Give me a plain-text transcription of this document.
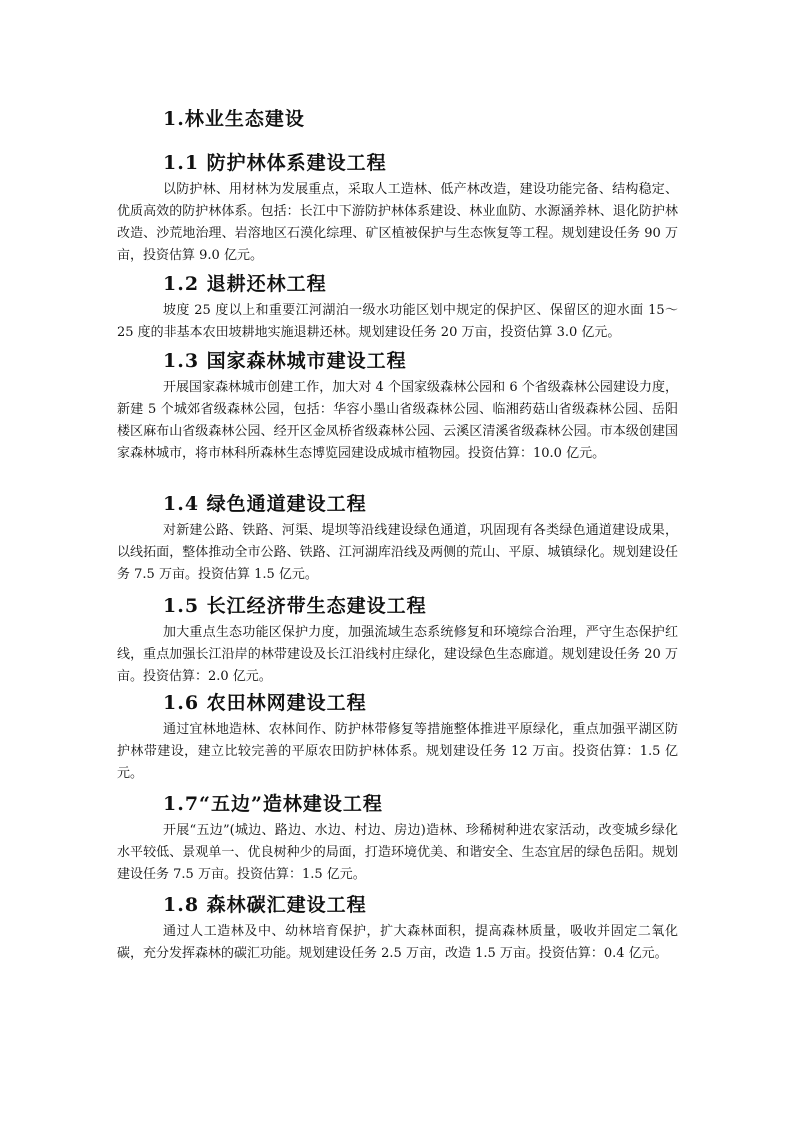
1.林业生态建设
1.1 防护林体系建设工程

以防护林、用材林为发展重点，采取人工造林、低产林改造，建设功能完备、结构稳定、优质高效的防护林体系。包括：长江中下游防护林体系建设、林业血防、水源涵养林、退化防护林改造、沙荒地治理、岩溶地区石漠化综理、矿区植被保护与生态恢复等工程。规划建设任务 90 万亩，投资估算 9.0 亿元。

1.2 退耕还林工程

坡度 25 度以上和重要江河湖泊一级水功能区划中规定的保护区、保留区的迎水面 15～25 度的非基本农田坡耕地实施退耕还林。规划建设任务 20 万亩，投资估算 3.0 亿元。

1.3 国家森林城市建设工程

开展国家森林城市创建工作，加大对 4 个国家级森林公园和 6 个省级森林公园建设力度，新建 5 个城郊省级森林公园，包括：华容小墨山省级森林公园、临湘药菇山省级森林公园、岳阳楼区麻布山省级森林公园、经开区金凤桥省级森林公园、云溪区清溪省级森林公园。市本级创建国家森林城市，将市林科所森林生态博览园建设成城市植物园。投资估算：10.0 亿元。

1.4 绿色通道建设工程

对新建公路、铁路、河渠、堤坝等沿线建设绿色通道，巩固现有各类绿色通道建设成果，以线拓面，整体推动全市公路、铁路、江河湖库沿线及两侧的荒山、平原、城镇绿化。规划建设任务 7.5 万亩。投资估算 1.5 亿元。

1.5 长江经济带生态建设工程

加大重点生态功能区保护力度，加强流域生态系统修复和环境综合治理，严守生态保护红线，重点加强长江沿岸的林带建设及长江沿线村庄绿化，建设绿色生态廊道。规划建设任务 20 万亩。投资估算：2.0 亿元。

1.6 农田林网建设工程

通过宜林地造林、农林间作、防护林带修复等措施整体推进平原绿化，重点加强平湖区防护林带建设，建立比较完善的平原农田防护林体系。规划建设任务 12 万亩。投资估算：1.5 亿元。

1.7“五边”造林建设工程

开展“五边”(城边、路边、水边、村边、房边)造林、珍稀树种进农家活动，改变城乡绿化水平较低、景观单一、优良树种少的局面，打造环境优美、和谐安全、生态宜居的绿色岳阳。规划建设任务 7.5 万亩。投资估算：1.5 亿元。

1.8 森林碳汇建设工程

通过人工造林及中、幼林培育保护，扩大森林面积，提高森林质量，吸收并固定二氧化碳，充分发挥森林的碳汇功能。规划建设任务 2.5 万亩，改造 1.5 万亩。投资估算：0.4 亿元。
